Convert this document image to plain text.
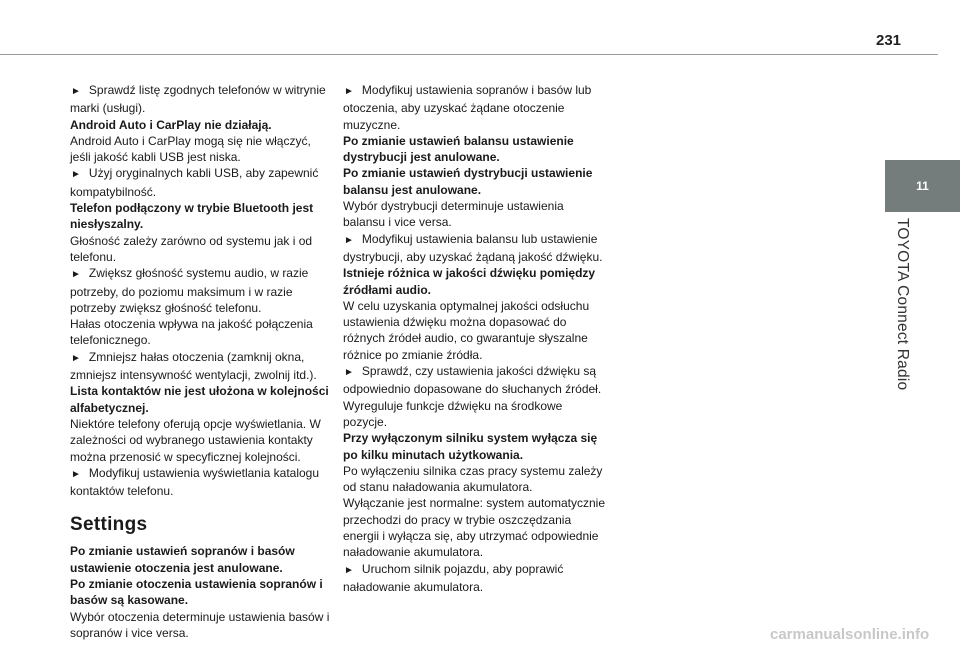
231
11
TOYOTA Connect Radio
► Sprawdź listę zgodnych telefonów w witrynie marki (usługi).
Android Auto i CarPlay nie działają.
Android Auto i CarPlay mogą się nie włączyć, jeśli jakość kabli USB jest niska.
► Użyj oryginalnych kabli USB, aby zapewnić kompatybilność.
Telefon podłączony w trybie Bluetooth jest niesłyszalny.
Głośność zależy zarówno od systemu jak i od telefonu.
► Zwiększ głośność systemu audio, w razie potrzeby, do poziomu maksimum i w razie potrzeby zwiększ głośność telefonu.
Hałas otoczenia wpływa na jakość połączenia telefonicznego.
► Zmniejsz hałas otoczenia (zamknij okna, zmniejsz intensywność wentylacji, zwolnij itd.).
Lista kontaktów nie jest ułożona w kolejności alfabetycznej.
Niektóre telefony oferują opcje wyświetlania. W zależności od wybranego ustawienia kontakty można przenosić w specyficznej kolejności.
► Modyfikuj ustawienia wyświetlania katalogu kontaktów telefonu.
Settings
Po zmianie ustawień sopranów i basów ustawienie otoczenia jest anulowane.
Po zmianie otoczenia ustawienia sopranów i basów są kasowane.
Wybór otoczenia determinuje ustawienia basów i sopranów i vice versa.
► Modyfikuj ustawienia sopranów i basów lub otoczenia, aby uzyskać żądane otoczenie muzyczne.
Po zmianie ustawień balansu ustawienie dystrybucji jest anulowane.
Po zmianie ustawień dystrybucji ustawienie balansu jest anulowane.
Wybór dystrybucji determinuje ustawienia balansu i vice versa.
► Modyfikuj ustawienia balansu lub ustawienie dystrybucji, aby uzyskać żądaną jakość dźwięku.
Istnieje różnica w jakości dźwięku pomiędzy źródłami audio.
W celu uzyskania optymalnej jakości odsłuchu ustawienia dźwięku można dopasować do różnych źródeł audio, co gwarantuje słyszalne różnice po zmianie źródła.
► Sprawdź, czy ustawienia jakości dźwięku są odpowiednio dopasowane do słuchanych źródeł. Wyreguluje funkcje dźwięku na środkowe pozycje.
Przy wyłączonym silniku system wyłącza się po kilku minutach użytkowania.
Po wyłączeniu silnika czas pracy systemu zależy od stanu naładowania akumulatora.
Wyłączanie jest normalne: system automatycznie przechodzi do pracy w trybie oszczędzania energii i wyłącza się, aby utrzymać odpowiednie naładowanie akumulatora.
► Uruchom silnik pojazdu, aby poprawić naładowanie akumulatora.
carmanualsonline.info
